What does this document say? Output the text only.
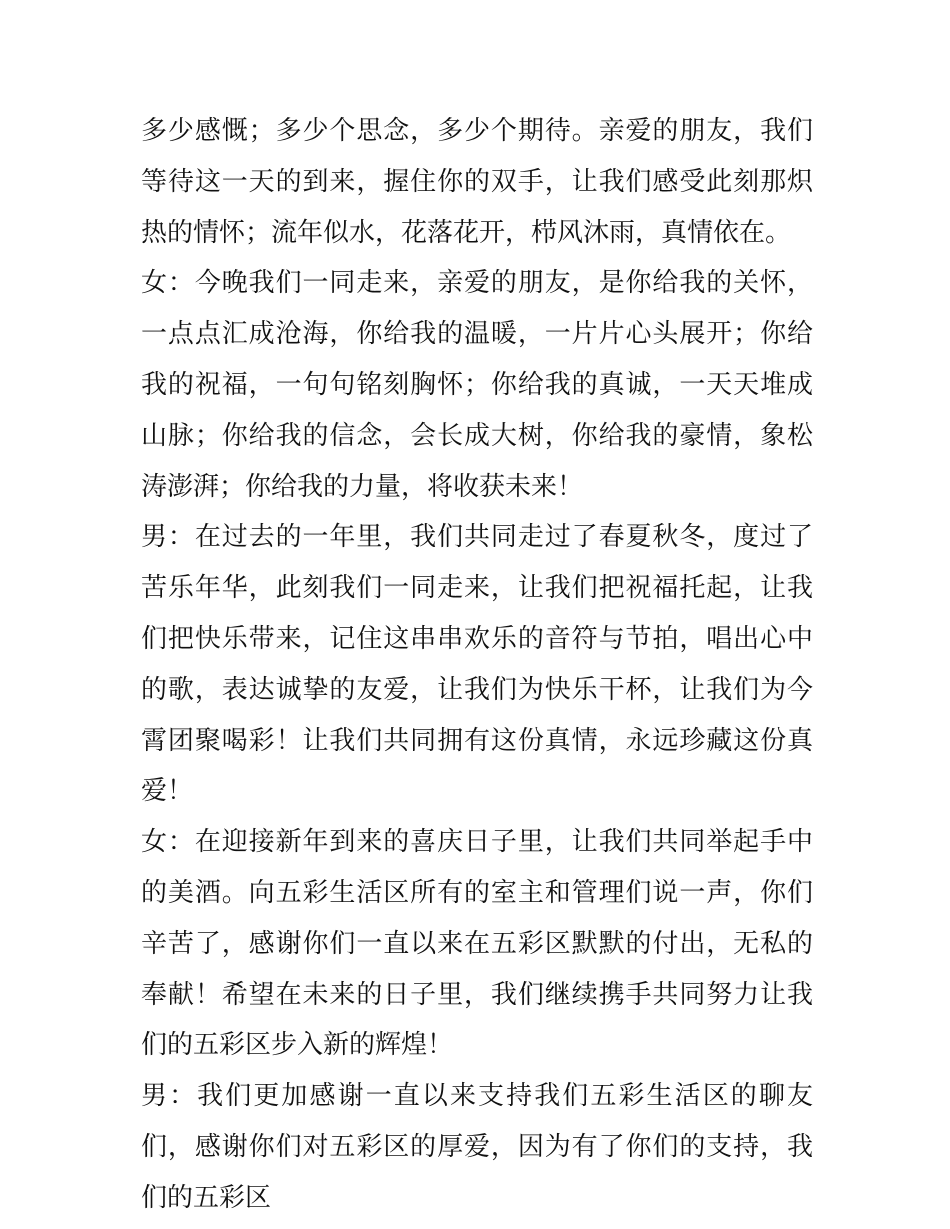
多少感慨；多少个思念，多少个期待。亲爱的朋友，我们等待这一天的到来，握住你的双手，让我们感受此刻那炽热的情怀；流年似水，花落花开，栉风沐雨，真情依在。

女：今晚我们一同走来，亲爱的朋友，是你给我的关怀，一点点汇成沧海，你给我的温暖，一片片心头展开；你给我的祝福，一句句铭刻胸怀；你给我的真诚，一天天堆成山脉；你给我的信念，会长成大树，你给我的豪情，象松涛澎湃；你给我的力量，将收获未来！

男：在过去的一年里，我们共同走过了春夏秋冬，度过了苦乐年华，此刻我们一同走来，让我们把祝福托起，让我们把快乐带来，记住这串串欢乐的音符与节拍，唱出心中的歌，表达诚挚的友爱，让我们为快乐干杯，让我们为今霄团聚喝彩！让我们共同拥有这份真情，永远珍藏这份真爱！

女：在迎接新年到来的喜庆日子里，让我们共同举起手中的美酒。向五彩生活区所有的室主和管理们说一声，你们辛苦了，感谢你们一直以来在五彩区默默的付出，无私的奉献！希望在未来的日子里，我们继续携手共同努力让我们的五彩区步入新的辉煌！

男：我们更加感谢一直以来支持我们五彩生活区的聊友们，感谢你们对五彩区的厚爱，因为有了你们的支持，我们的五彩区
